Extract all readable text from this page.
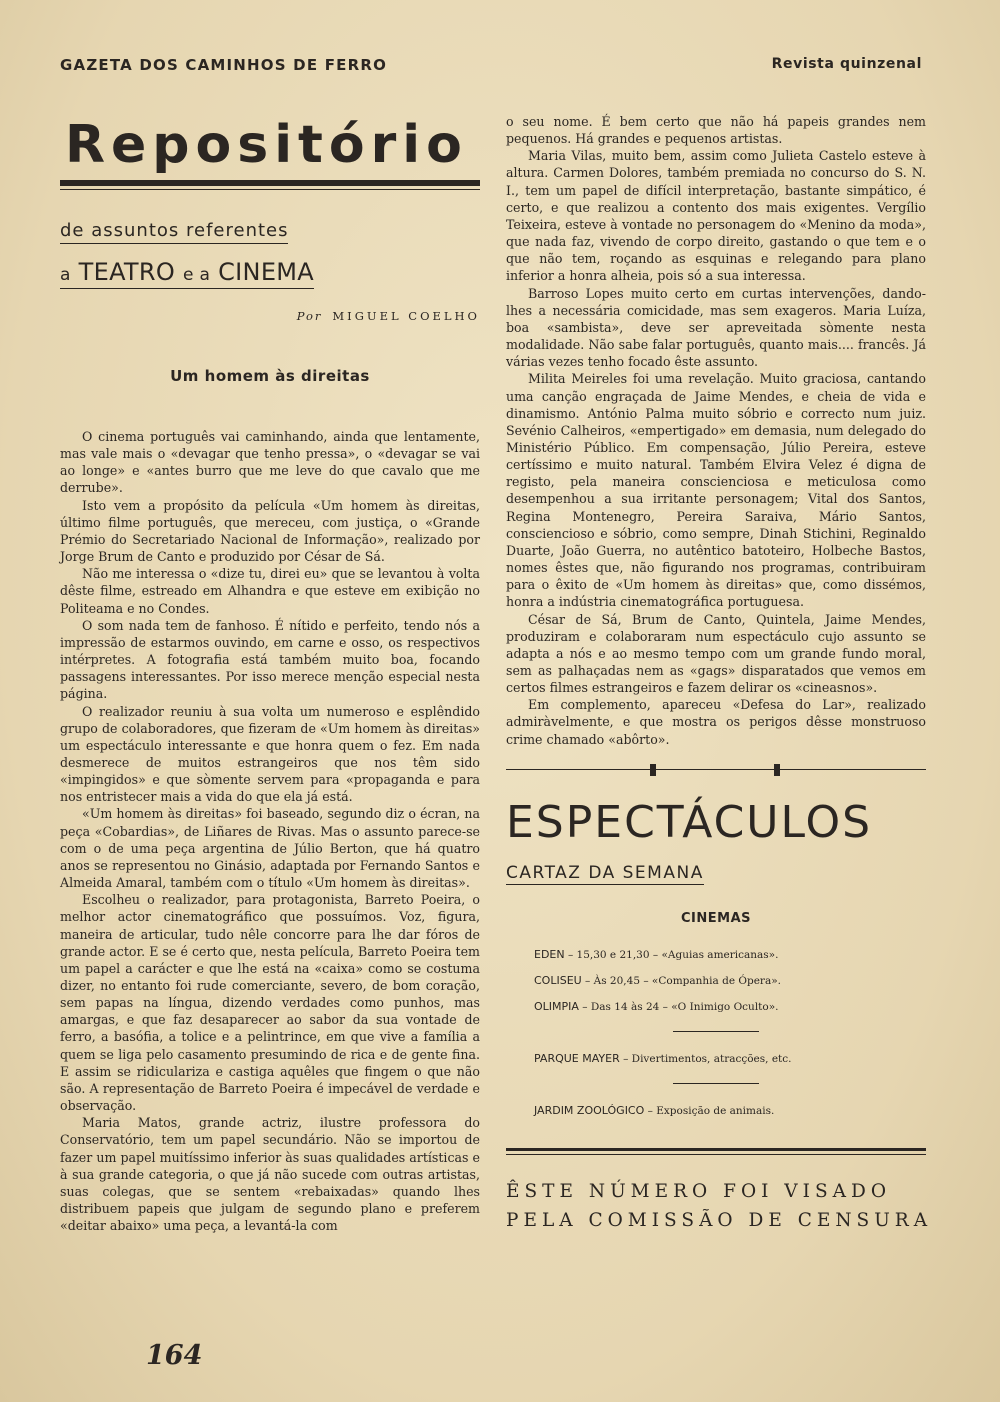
GAZETA DOS CAMINHOS DE FERRO	Revista quinzenal
Repositório
de assuntos referentes
a TEATRO e a CINEMA
Por MIGUEL COELHO
Um homem às direitas

O cinema português vai caminhando, ainda que lentamente, mas vale mais o «devagar que tenho pressa», o «devagar se vai ao longe» e «antes burro que me leve do que cavalo que me derrube».

Isto vem a propósito da película «Um homem às direitas, último filme português, que mereceu, com justiça, o «Grande Prémio do Secretariado Nacional de Informação», realizado por Jorge Brum de Canto e produzido por César de Sá.

Não me interessa o «dize tu, direi eu» que se levantou à volta dêste filme, estreado em Alhandra e que esteve em exibição no Politeama e no Condes.

O som nada tem de fanhoso. É nítido e perfeito, tendo nós a impressão de estarmos ouvindo, em carne e osso, os respectivos intérpretes. A fotografia está também muito boa, focando passagens interessantes. Por isso merece menção especial nesta página.

O realizador reuniu à sua volta um numeroso e esplêndido grupo de colaboradores, que fizeram de «Um homem às direitas» um espectáculo interessante e que honra quem o fez. Em nada desmerece de muitos estrangeiros que nos têm sido «impingidos» e que sòmente servem para «propaganda e para nos entristecer mais a vida do que ela já está.

«Um homem às direitas» foi baseado, segundo diz o écran, na peça «Cobardias», de Liñares de Rivas. Mas o assunto parece-se com o de uma peça argentina de Júlio Berton, que há quatro anos se representou no Ginásio, adaptada por Fernando Santos e Almeida Amaral, também com o título «Um homem às direitas».

Escolheu o realizador, para protagonista, Barreto Poeira, o melhor actor cinematográfico que possuímos. Voz, figura, maneira de articular, tudo nêle concorre para lhe dar fóros de grande actor. E se é certo que, nesta película, Barreto Poeira tem um papel a carácter e que lhe está na «caixa» como se costuma dizer, no entanto foi rude comerciante, severo, de bom coração, sem papas na língua, dizendo verdades como punhos, mas amargas, e que faz desaparecer ao sabor da sua vontade de ferro, a basófia, a tolice e a pelintrince, em que vive a família a quem se liga pelo casamento presumindo de rica e de gente fina. E assim se ridiculariza e castiga aquêles que fingem o que não são. A representação de Barreto Poeira é impecável de verdade e observação.

Maria Matos, grande actriz, ilustre professora do Conservatório, tem um papel secundário. Não se importou de fazer um papel muitíssimo inferior às suas qualidades artísticas e à sua grande categoria, o que já não sucede com outras artistas, suas colegas, que se sentem «rebaixadas» quando lhes distribuem papeis que julgam de segundo plano e preferem «deitar abaixo» uma peça, a levantá-la com

o seu nome. É bem certo que não há papeis grandes nem pequenos. Há grandes e pequenos artistas.

Maria Vilas, muito bem, assim como Julieta Castelo esteve à altura. Carmen Dolores, também premiada no concurso do S. N. I., tem um papel de difícil interpretação, bastante simpático, é certo, e que realizou a contento dos mais exigentes. Vergílio Teixeira, esteve à vontade no personagem do «Menino da moda», que nada faz, vivendo de corpo direito, gastando o que tem e o que não tem, roçando as esquinas e relegando para plano inferior a honra alheia, pois só a sua interessa.

Barroso Lopes muito certo em curtas intervenções, dando-lhes a necessária comicidade, mas sem exageros. Maria Luíza, boa «sambista», deve ser apreveitada sòmente nesta modalidade. Não sabe falar português, quanto mais.... francês. Já várias vezes tenho focado êste assunto.

Milita Meireles foi uma revelação. Muito graciosa, cantando uma canção engraçada de Jaime Mendes, e cheia de vida e dinamismo. António Palma muito sóbrio e correcto num juiz. Sevénio Calheiros, «empertigado» em demasia, num delegado do Ministério Público. Em compensação, Júlio Pereira, esteve certíssimo e muito natural. Também Elvira Velez é digna de registo, pela maneira conscienciosa e meticulosa como desempenhou a sua irritante personagem; Vital dos Santos, Regina Montenegro, Pereira Saraiva, Mário Santos, consciencioso e sóbrio, como sempre, Dinah Stichini, Reginaldo Duarte, João Guerra, no autêntico batoteiro, Holbeche Bastos, nomes êstes que, não figurando nos programas, contribuiram para o êxito de «Um homem às direitas» que, como dissémos, honra a indústria cinematográfica portuguesa.

César de Sá, Brum de Canto, Quintela, Jaime Mendes, produziram e colaboraram num espectáculo cujo assunto se adapta a nós e ao mesmo tempo com um grande fundo moral, sem as palhaçadas nem as «gags» disparatados que vemos em certos filmes estrangeiros e fazem delirar os «cineasnos».

Em complemento, apareceu «Defesa do Lar», realizado admiràvelmente, e que mostra os perigos dêsse monstruoso crime chamado «abôrto».

ESPECTÁCULOS
CARTAZ DA SEMANA
CINEMAS
EDEN – 15,30 e 21,30 – «Aguias americanas».
COLISEU – Às 20,45 – «Companhia de Ópera».
OLIMPIA – Das 14 às 24 – «O Inimigo Oculto».
PARQUE MAYER – Divertimentos, atracções, etc.
JARDIM ZOOLÓGICO – Exposição de animais.
ÊSTE NÚMERO FOI VISADO
PELA COMISSÃO DE CENSURA
164
